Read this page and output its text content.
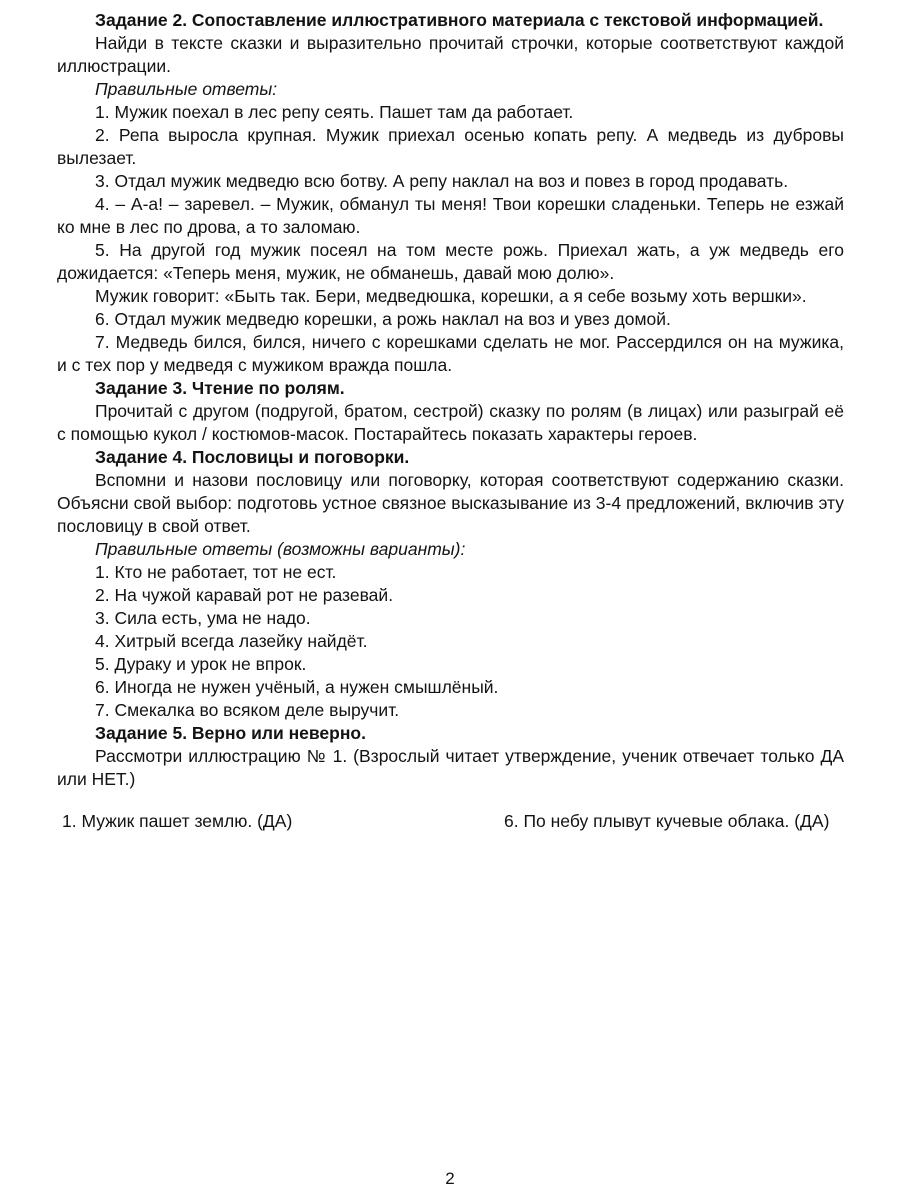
Задание 2. Сопоставление иллюстративного материала с текстовой информацией.

Найди в тексте сказки и выразительно прочитай строчки, которые соответствуют каждой иллюстрации.

Правильные ответы:

1. Мужик поехал в лес репу сеять. Пашет там да работает.

2. Репа выросла крупная. Мужик приехал осенью копать репу. А медведь из дубровы вылезает.

3. Отдал мужик медведю всю ботву. А репу наклал на воз и повез в город продавать.

4. – А-а! – заревел. – Мужик, обманул ты меня! Твои корешки сладеньки. Теперь не езжай ко мне в лес по дрова, а то заломаю.

5. На другой год мужик посеял на том месте рожь. Приехал жать, а уж медведь его дожидается: «Теперь меня, мужик, не обманешь, давай мою долю».

Мужик говорит: «Быть так. Бери, медведюшка, корешки, а я себе возьму хоть вершки».

6. Отдал мужик медведю корешки, а рожь наклал на воз и увез домой.

7. Медведь бился, бился, ничего с корешками сделать не мог. Рассердился он на мужика, и с тех пор у медведя с мужиком вражда пошла.

Задание 3. Чтение по ролям.

Прочитай с другом (подругой, братом, сестрой) сказку по ролям (в лицах) или разыграй её с помощью кукол / костюмов-масок. Постарайтесь показать характеры героев.

Задание 4. Пословицы и поговорки.

Вспомни и назови пословицу или поговорку, которая соответствуют содержанию сказки. Объясни свой выбор: подготовь устное связное высказывание из 3-4 предложений, включив эту пословицу в свой ответ.

Правильные ответы (возможны варианты):

1. Кто не работает, тот не ест.

2. На чужой каравай рот не разевай.

3. Сила есть, ума не надо.

4. Хитрый всегда лазейку найдёт.

5. Дураку и урок не впрок.

6. Иногда не нужен учёный, а нужен смышлёный.

7. Смекалка во всяком деле выручит.

Задание 5. Верно или неверно.

Рассмотри иллюстрацию № 1. (Взрослый читает утверждение, ученик отвечает только ДА или НЕТ.)

1. Мужик пашет землю. (ДА)	6. По небу плывут кучевые облака. (ДА)

2
